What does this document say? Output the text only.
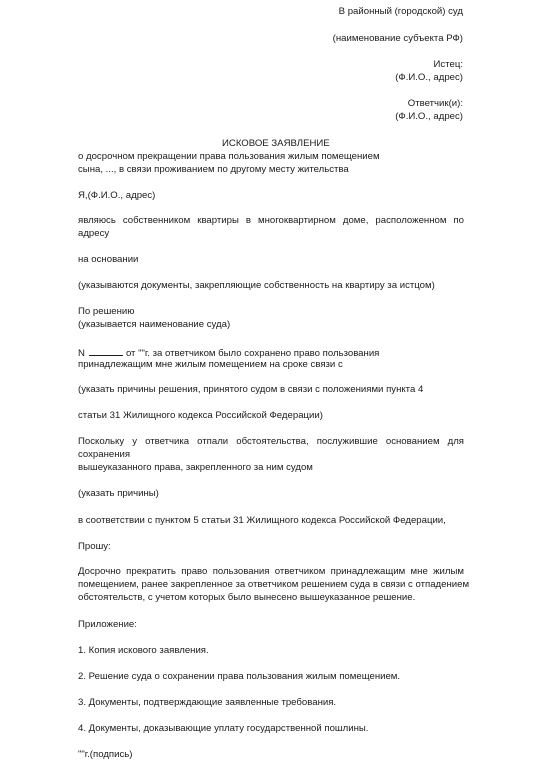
В районный (городской) суд
(наименование субъекта РФ)
Истец:
(Ф.И.О., адрес)
Ответчик(и):
(Ф.И.О., адрес)
ИСКОВОЕ ЗАЯВЛЕНИЕ
о досрочном прекращении права пользования жилым помещением
сына, ..., в связи проживанием по другому месту жительства
Я,(Ф.И.О., адрес)
являюсь собственником квартиры в многоквартирном доме, расположенном по
адресу
на основании
(указываются документы, закрепляющие собственность на квартиру за истцом)
По решению
(указывается наименование суда)
N	от ""г. за ответчиком было сохранено право пользования
принадлежащим мне жилым помещением на сроке связи с
(указать причины решения, принятого судом в связи с положениями пункта 4
статьи 31 Жилищного кодекса Российской Федерации)
Поскольку у ответчика отпали обстоятельства, послужившие основанием для
сохранения
вышеуказанного права, закрепленного за ним судом
(указать причины)
в соответствии с пунктом 5 статьи 31 Жилищного кодекса Российской Федерации,
Прошу:
Досрочно прекратить право пользования ответчиком принадлежащим мне жилым
помещением, ранее закрепленное за ответчиком решением суда в связи с отпадением
обстоятельств, с учетом которых было вынесено вышеуказанное решение.
Приложение:
1. Копия искового заявления.
2. Решение суда о сохранении права пользования жилым помещением.
3. Документы, подтверждающие заявленные требования.
4. Документы, доказывающие уплату государственной пошлины.
""г.(подпись)
